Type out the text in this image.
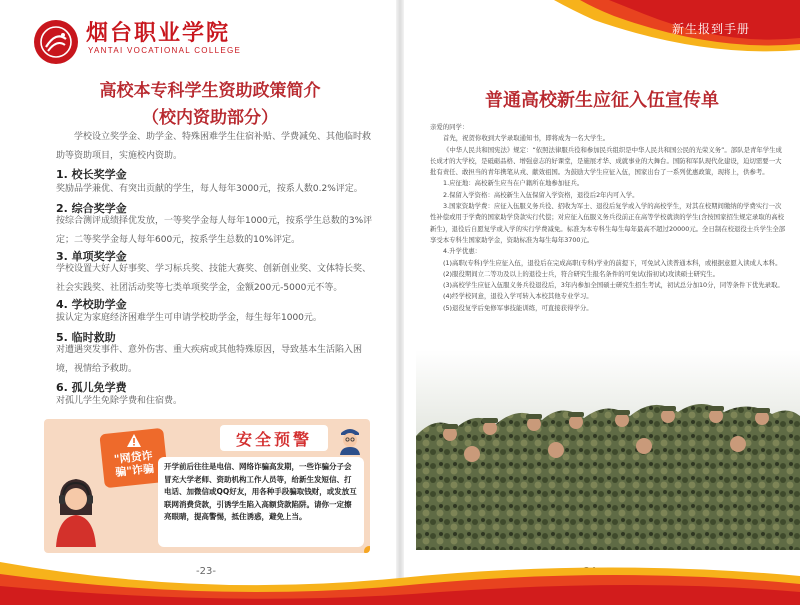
烟台职业学院
YANTAI VOCATIONAL COLLEGE
高校本专科学生资助政策简介
（校内资助部分）
学校设立奖学金、助学金、特殊困难学生住宿补贴、学费减免、其他临时救助等资助项目，实施校内资助。
1. 校长奖学金
奖励品学兼优、有突出贡献的学生，每人每年3000元，按系人数0.2%评定。
2. 综合奖学金
按综合测评成绩择优发放，一等奖学金每人每年1000元，按系学生总数的3%评定；二等奖学金每人每年600元，按系学生总数的10%评定。
3. 单项奖学金
学校设置大好人好事奖、学习标兵奖、技能大赛奖、创新创业奖、文体特长奖、社会实践奖、社团活动奖等七类单项奖学金，金额200元-5000元不等。
4. 学校助学金
拔认定为家庭经济困难学生可申请学校助学金，每生每年1000元。
5. 临时救助
对遭遇突发事件、意外伤害、重大疾病或其他特殊原因，导致基本生活陷入困境，视情给予救助。
6. 孤儿免学费
对孤儿学生免除学费和住宿费。
"网贷诈骗"诈骗
安全预警
开学前后往往是电信、网络诈骗高发期，一些诈骗分子会冒充大学老师、资助机构工作人员等，给新生发短信、打电话、加微信或QQ好友，用各种手段骗取钱财，或发放互联网消费贷款，引诱学生陷入高额贷款陷阱。请你一定擦亮眼睛，提高警惕，抵住诱惑，避免上当。
-23-
新生报到手册
普通高校新生应征入伍宣传单

亲爱的同学：

首先，祝贺你收到大学录取通知书，即将成为一名大学生。

《中华人民共和国宪法》规定：“依照法律服兵役和参加民兵组织是中华人民共和国公民的光荣义务”。部队是青年学生成长成才的大学校，是砥砺品格、增强意志的好课堂，是施展才华、成就事业的大舞台。国防和军队现代化建设，迫切需要一大批有责任、敢担当的青年携笔从戎、献效祖国。为鼓励大学生应征入伍，国家出台了一系列优惠政策，现将上，供参考。

1.应征地：高校新生应当在户籍所在地参加征兵。

2.保留入学资格：高校新生入伍保留入学资格，退役后2年内可入学。

3.国家资助学费：应征入伍服义务兵役、招收为军士、退役后复学或入学的高校学生，对其在校期间缴纳的学费实行一次性补偿或用于学费的国家助学贷款实行代偿；对应征入伍服义务兵役前正在高等学校就读的学生(含按国家招生规定录取的高校新生)，退役后自愿复学或入学的实行学费减免。标准为本专科生每生每年最高不超过20000元。全日制在校退役士兵学生全部享受本专科生国家助学金，资助标准为每生每年3700元。

4.升学优惠：

(1)高职(专科)学生应征入伍，退役后在完成高职(专科)学业的前提下，可免试入读普通本科，或根据意愿入读成人本科。

(2)服役期间立二等功及以上的退役士兵，符合研究生报名条件的可免试(指初试)攻读硕士研究生。

(3)高校学生应征入伍服义务兵役退役后，3年内参加全国硕士研究生招生考试，初试总分加10分，同等条件下优先录取。

(4)经学校同意，退役入学可转入本校其他专业学习。

(5)退役复学后免修军事技能训练，可直接获得学分。
